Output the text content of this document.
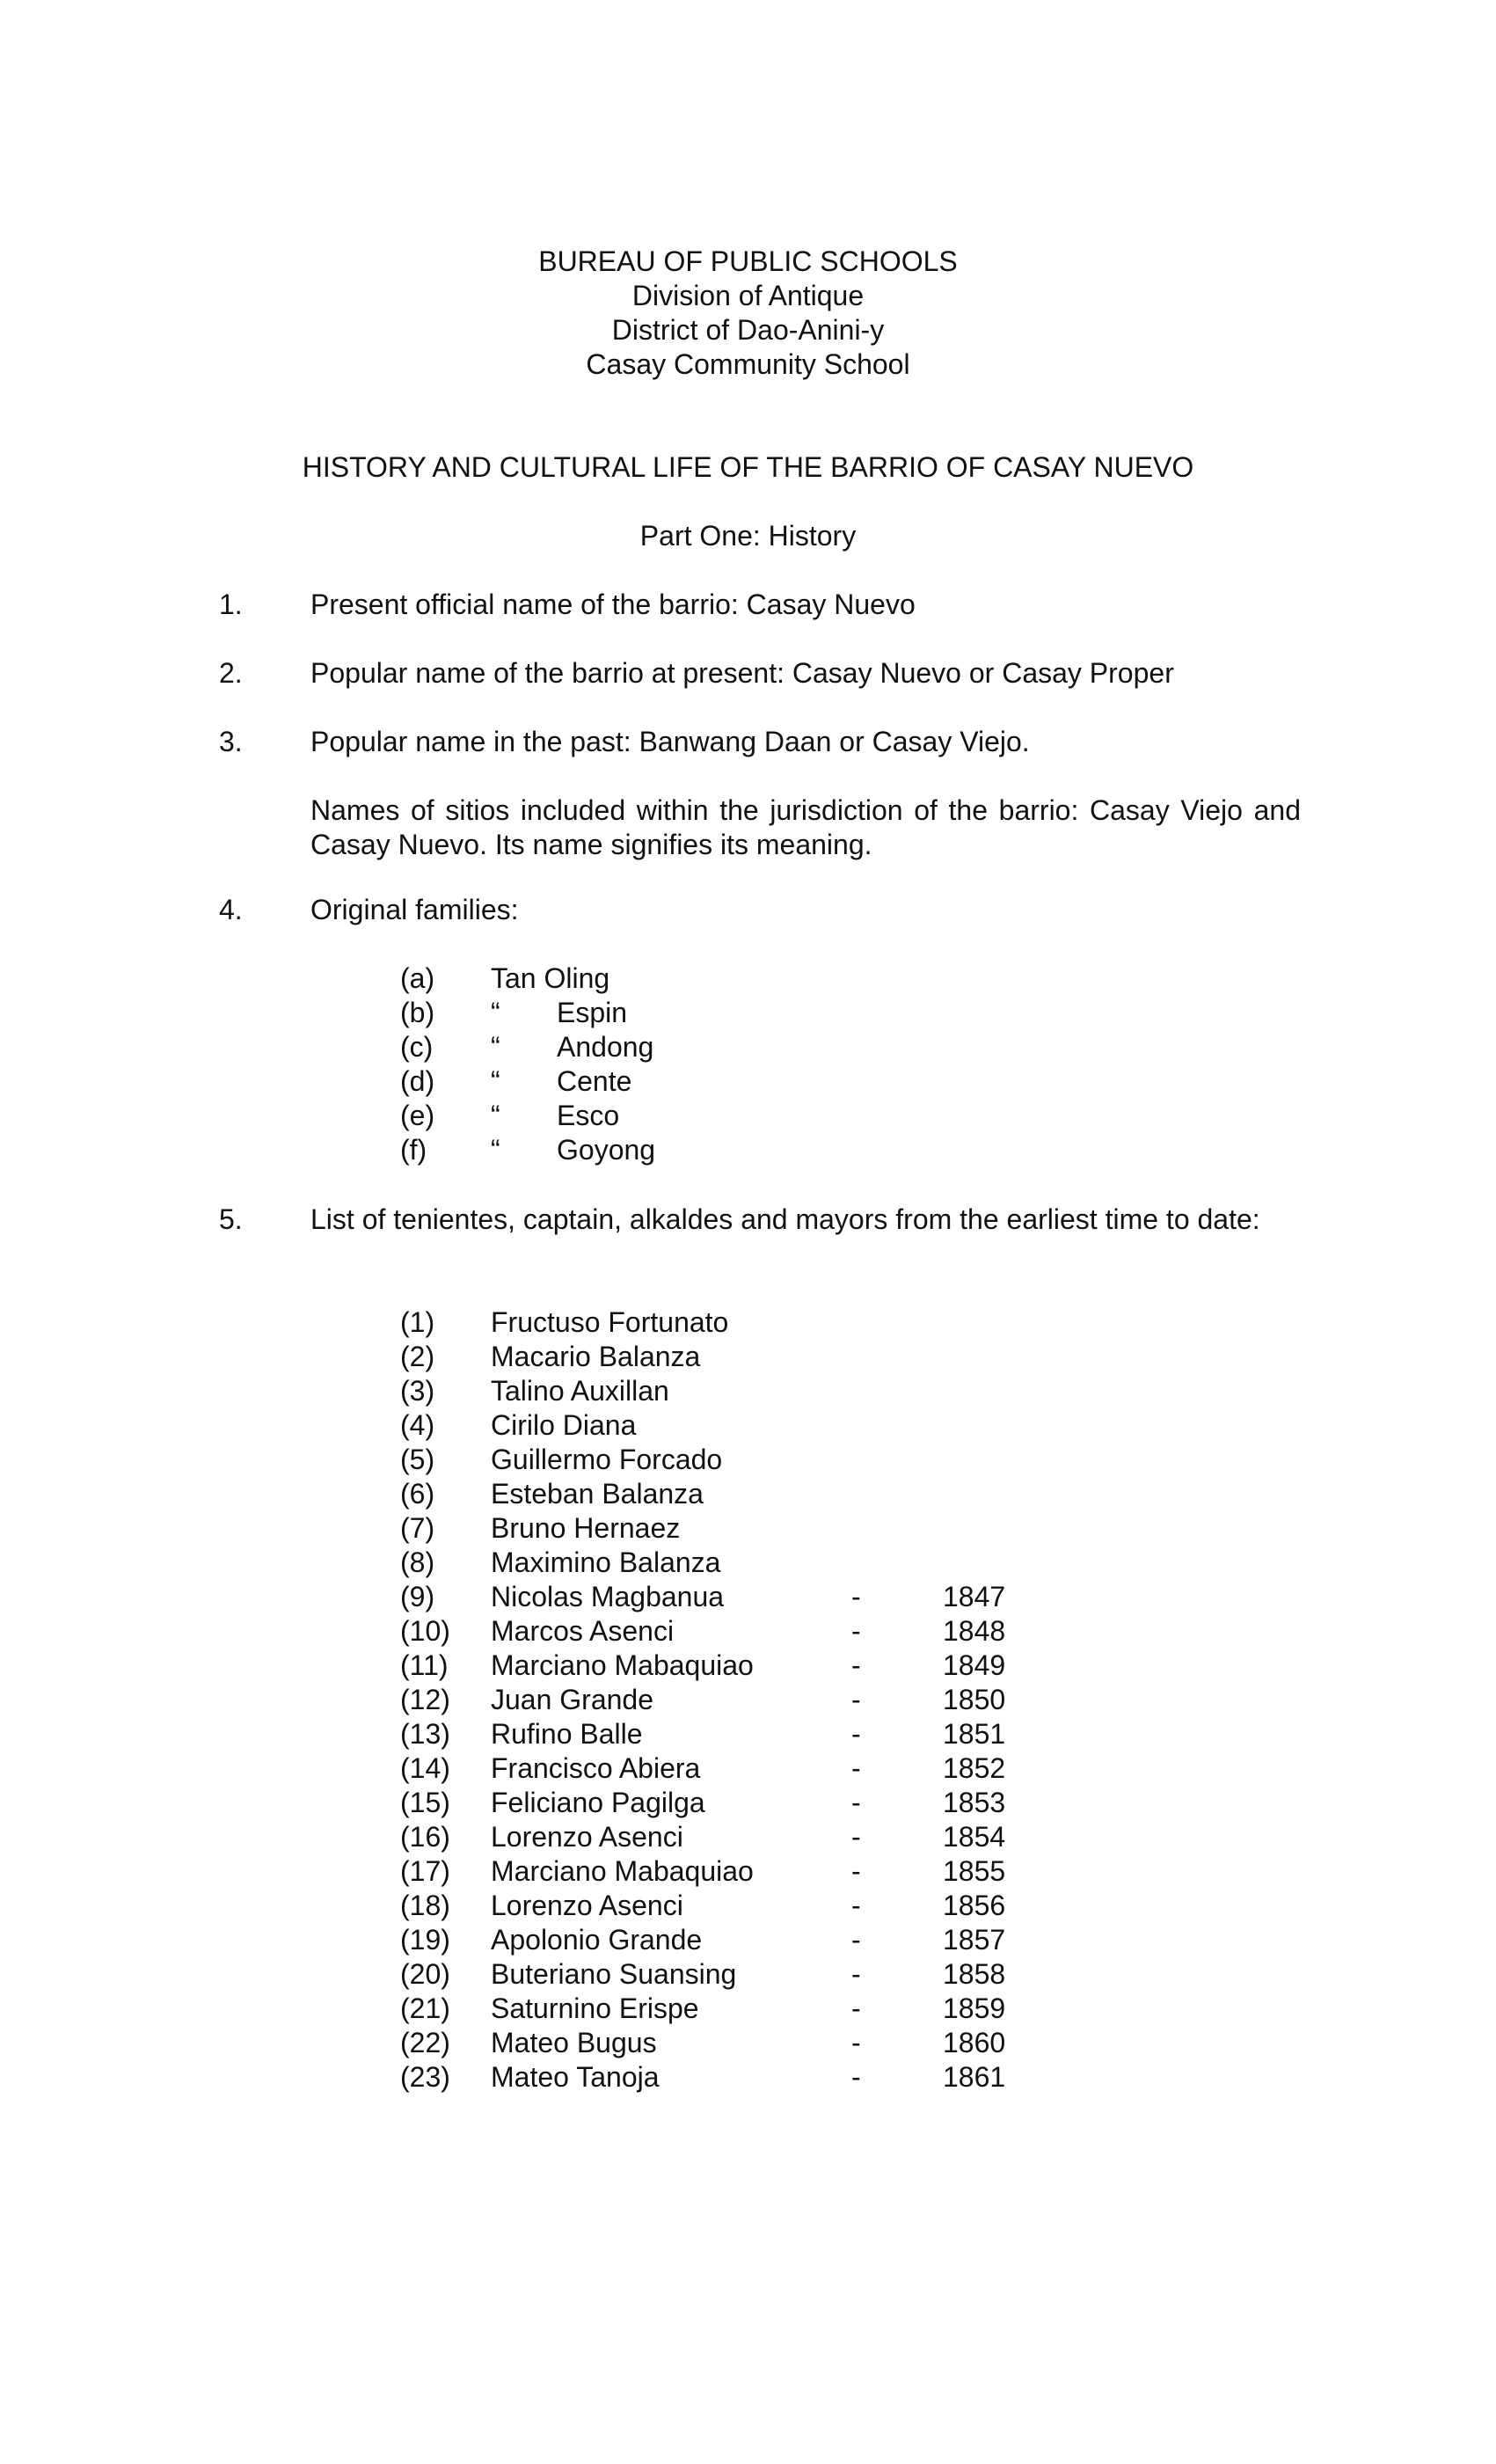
BUREAU OF PUBLIC SCHOOLS
Division of Antique
District of Dao-Anini-y
Casay Community School
HISTORY AND CULTURAL LIFE OF THE BARRIO OF CASAY NUEVO
Part One: History
1. Present official name of the barrio: Casay Nuevo
2. Popular name of the barrio at present: Casay Nuevo or Casay Proper
3. Popular name in the past: Banwang Daan or Casay Viejo.
Names of sitios included within the jurisdiction of the barrio: Casay Viejo and Casay Nuevo. Its name signifies its meaning.
4. Original families:
(a) Tan Oling
(b) “ Espin
(c) “ Andong
(d) “ Cente
(e) “ Esco
(f) “ Goyong
5. List of tenientes, captain, alkaldes and mayors from the earliest time to date:
(1) Fructuso Fortunato
(2) Macario Balanza
(3) Talino Auxillan
(4) Cirilo Diana
(5) Guillermo Forcado
(6) Esteban Balanza
(7) Bruno Hernaez
(8) Maximino Balanza
(9) Nicolas Magbanua	-	1847
(10) Marcos Asenci	-	1848
(11) Marciano Mabaquiao	-	1849
(12) Juan Grande	-	1850
(13) Rufino Balle	-	1851
(14) Francisco Abiera	-	1852
(15) Feliciano Pagilga	-	1853
(16) Lorenzo Asenci	-	1854
(17) Marciano Mabaquiao	-	1855
(18) Lorenzo Asenci	-	1856
(19) Apolonio Grande	-	1857
(20) Buteriano Suansing	-	1858
(21) Saturnino Erispe	-	1859
(22) Mateo Bugus	-	1860
(23) Mateo Tanoja	-	1861
